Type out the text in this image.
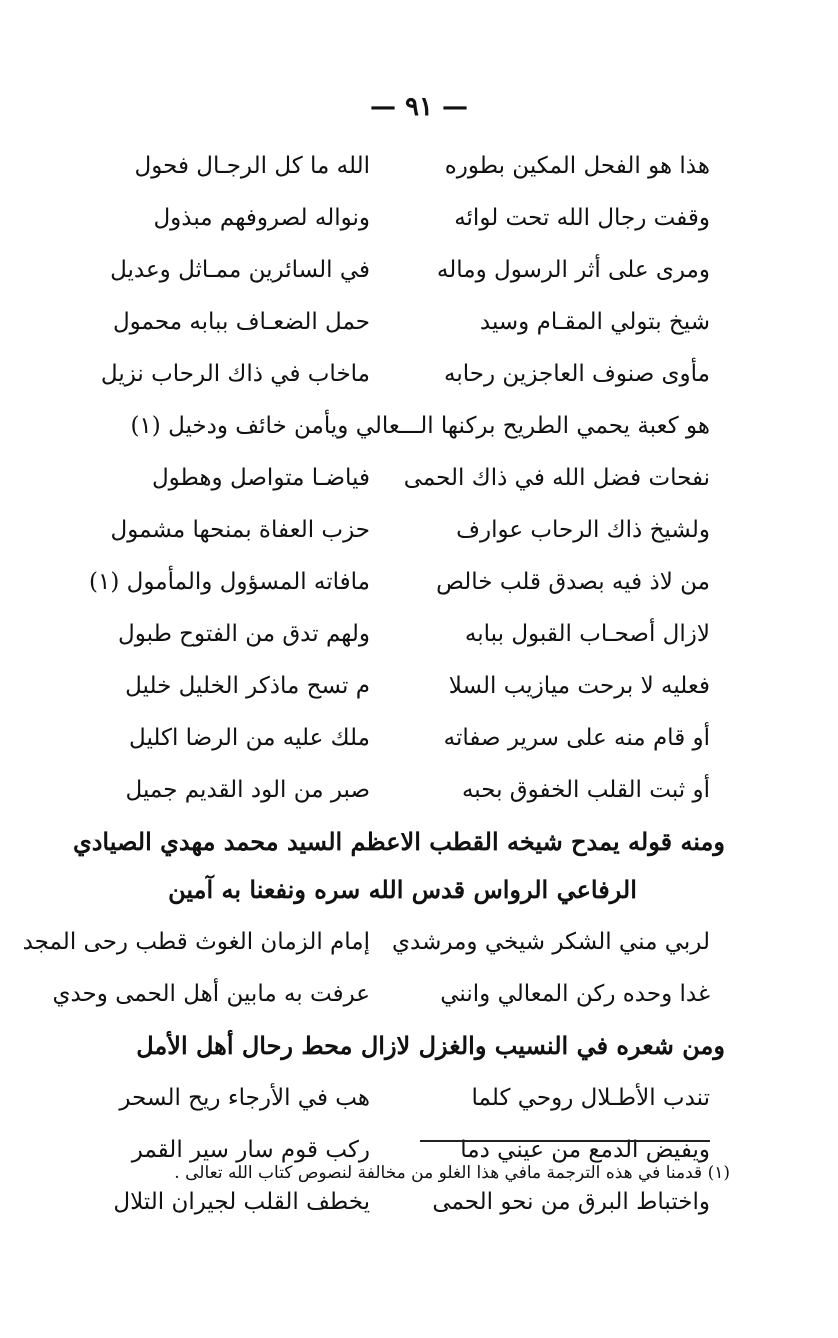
— ٩١ —
هذا هو الفحل المكين بطوره
الله ما كل الرجـال فحول
وقفت رجال الله تحت لوائه
ونواله لصروفهم مبذول
ومرى على أثر الرسول وماله
في السائرين ممـاثل وعديل
شيخ بتولي المقـام وسيد
حمل الضعـاف ببابه محمول
مأوى صنوف العاجزين رحابه
ماخاب في ذاك الرحاب نزيل
هو كعبة يحمي الطريح بركنها الـــعالي ويأمن خائف ودخيل (١)
نفحات فضل الله في ذاك الحمى
فياضـا متواصل وهطول
ولشيخ ذاك الرحاب عوارف
حزب العفاة بمنحها مشمول
من لاذ فيه بصدق قلب خالص
مافاته المسؤول والمأمول (١)
لازال أصحـاب القبول ببابه
ولهم تدق من الفتوح طبول
فعليه لا برحت ميازيب السلا
م تسح ماذكر الخليل خليل
أو قام منه على سرير صفاته
ملك عليه من الرضا اكليل
أو ثبت القلب الخفوق بحبه
صبر من الود القديم جميل
ومنه قوله يمدح شيخه القطب الاعظم السيد محمد مهدي الصيادي
الرفاعي الرواس قدس الله سره ونفعنا به آمين
لربي مني الشكر شيخي ومرشدي
إمام الزمان الغوث قطب رحى المجد
غدا وحده ركن المعالي وانني
عرفت به مابين أهل الحمى وحدي
ومن شعره في النسيب والغزل لازال محط رحال أهل الأمل
تندب الأطـلال روحي كلما
هب في الأرجاء ريح السحر
ويفيض الدمع من عيني دما
ركب قوم سار سير القمر
واختباط البرق من نحو الحمى
يخطف القلب لجيران التلال
(١) قدمنا في هذه الترجمة مافي هذا الغلو من مخالفة لنصوص كتاب الله تعالى .
